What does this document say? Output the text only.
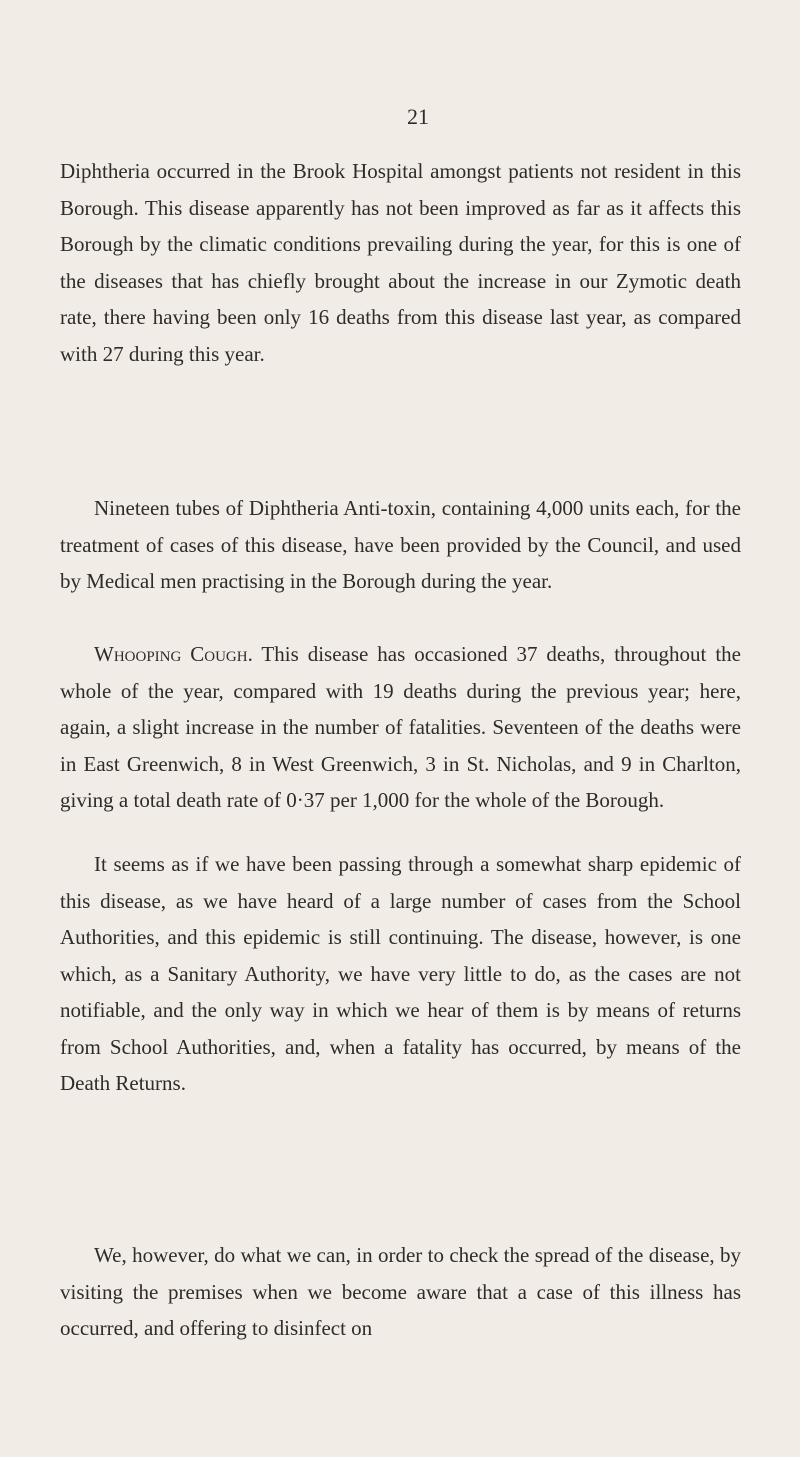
21

Diphtheria occurred in the Brook Hospital amongst patients not resident in this Borough. This disease apparently has not been improved as far as it affects this Borough by the climatic conditions prevailing during the year, for this is one of the diseases that has chiefly brought about the increase in our Zymotic death rate, there having been only 16 deaths from this disease last year, as compared with 27 during this year.

Nineteen tubes of Diphtheria Anti-toxin, containing 4,000 units each, for the treatment of cases of this disease, have been provided by the Council, and used by Medical men practising in the Borough during the year.

Whooping Cough. This disease has occasioned 37 deaths, throughout the whole of the year, compared with 19 deaths during the previous year; here, again, a slight increase in the number of fatalities. Seventeen of the deaths were in East Greenwich, 8 in West Greenwich, 3 in St. Nicholas, and 9 in Charlton, giving a total death rate of 0·37 per 1,000 for the whole of the Borough.

It seems as if we have been passing through a somewhat sharp epidemic of this disease, as we have heard of a large number of cases from the School Authorities, and this epidemic is still continuing. The disease, however, is one which, as a Sanitary Authority, we have very little to do, as the cases are not notifiable, and the only way in which we hear of them is by means of returns from School Authorities, and, when a fatality has occurred, by means of the Death Returns.

We, however, do what we can, in order to check the spread of the disease, by visiting the premises when we become aware that a case of this illness has occurred, and offering to disinfect on
